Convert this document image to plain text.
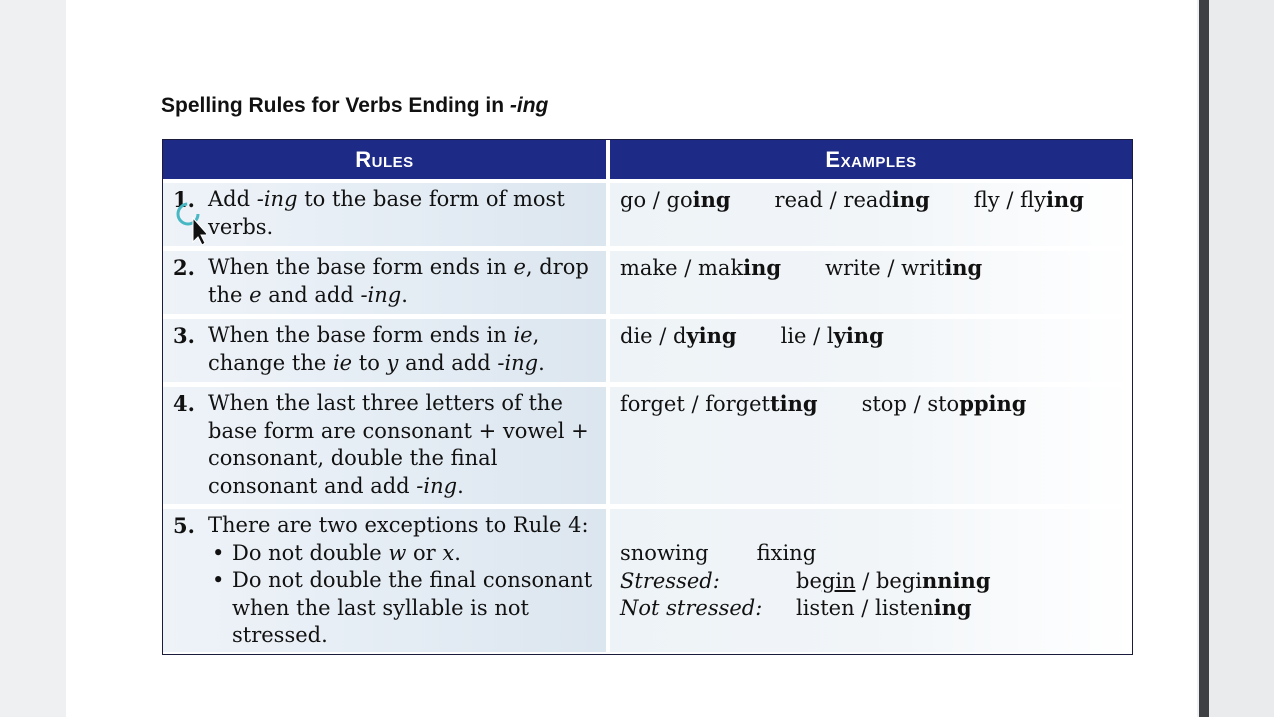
Spelling Rules for Verbs Ending in -ing
Rules	Examples
1. Add -ing to the base form of most verbs.
go / going read / reading fly / flying
2. When the base form ends in e, drop the e and add -ing.
make / making write / writing
3. When the base form ends in ie, change the ie to y and add -ing.
die / dying lie / lying
4. When the last three letters of the base form are consonant + vowel + consonant, double the final consonant and add -ing.
forget / forgetting stop / stopping
5. There are two exceptions to Rule 4:
• Do not double w or x.
• Do not double the final consonant when the last syllable is not stressed.
snowing fixing
Stressed:	begin / beginning
Not stressed: listen / listening
